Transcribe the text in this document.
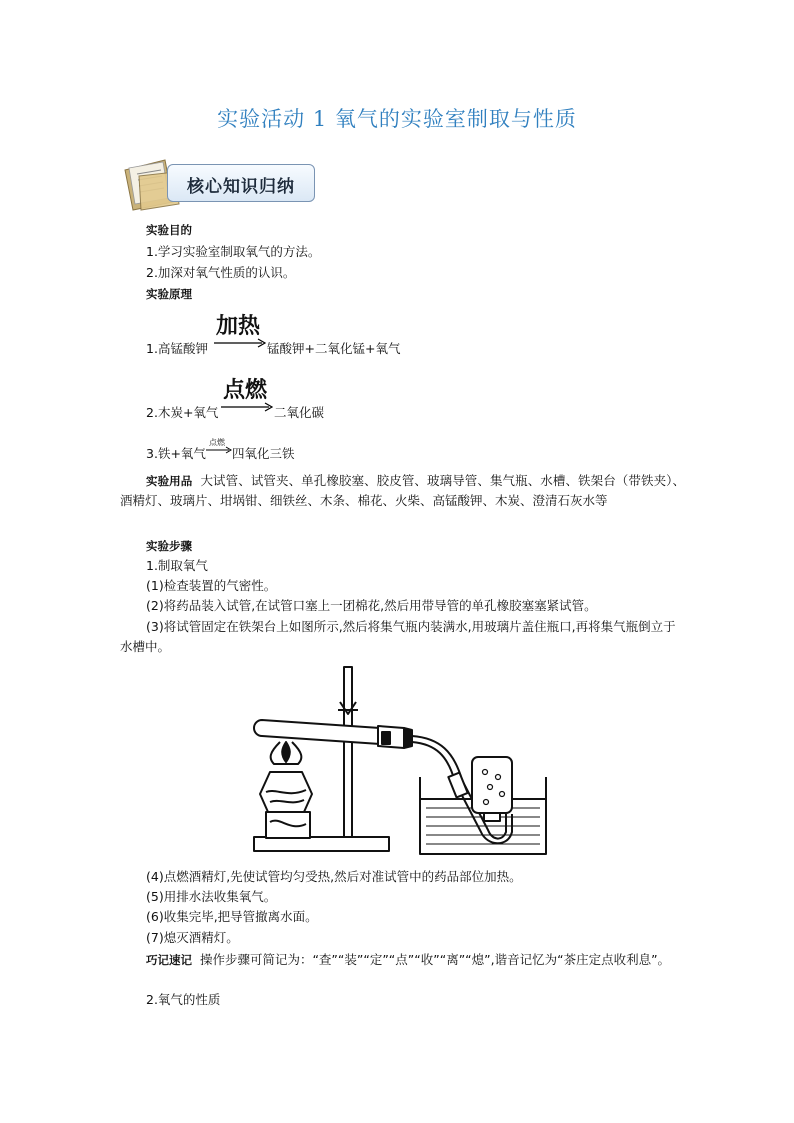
实验活动 1 氧气的实验室制取与性质
核心知识归纳
实验目的
1.学习实验室制取氧气的方法。
2.加深对氧气性质的认识。
实验原理
1.高锰酸钾
加热
→ 锰酸钾+二氧化锰+氧气
2.木炭+氧气
点燃
→ 二氧化碳
3.铁+氧气
点燃
→ 四氧化三铁
实验用品 大试管、试管夹、单孔橡胶塞、胶皮管、玻璃导管、集气瓶、水槽、铁架台（带铁夹）、酒精灯、玻璃片、坩埚钳、细铁丝、木条、棉花、火柴、高锰酸钾、木炭、澄清石灰水等
实验步骤
1.制取氧气
(1)检查装置的气密性。
(2)将药品装入试管,在试管口塞上一团棉花,然后用带导管的单孔橡胶塞塞紧试管。
(3)将试管固定在铁架台上如图所示,然后将集气瓶内装满水,用玻璃片盖住瓶口,再将集气瓶倒立于水槽中。
(4)点燃酒精灯,先使试管均匀受热,然后对准试管中的药品部位加热。
(5)用排水法收集氧气。
(6)收集完毕,把导管撤离水面。
(7)熄灭酒精灯。
巧记速记 操作步骤可简记为：“查”“装”“定”“点”“收”“离”“熄”,谐音记忆为“茶庄定点收利息”。
2.氧气的性质
